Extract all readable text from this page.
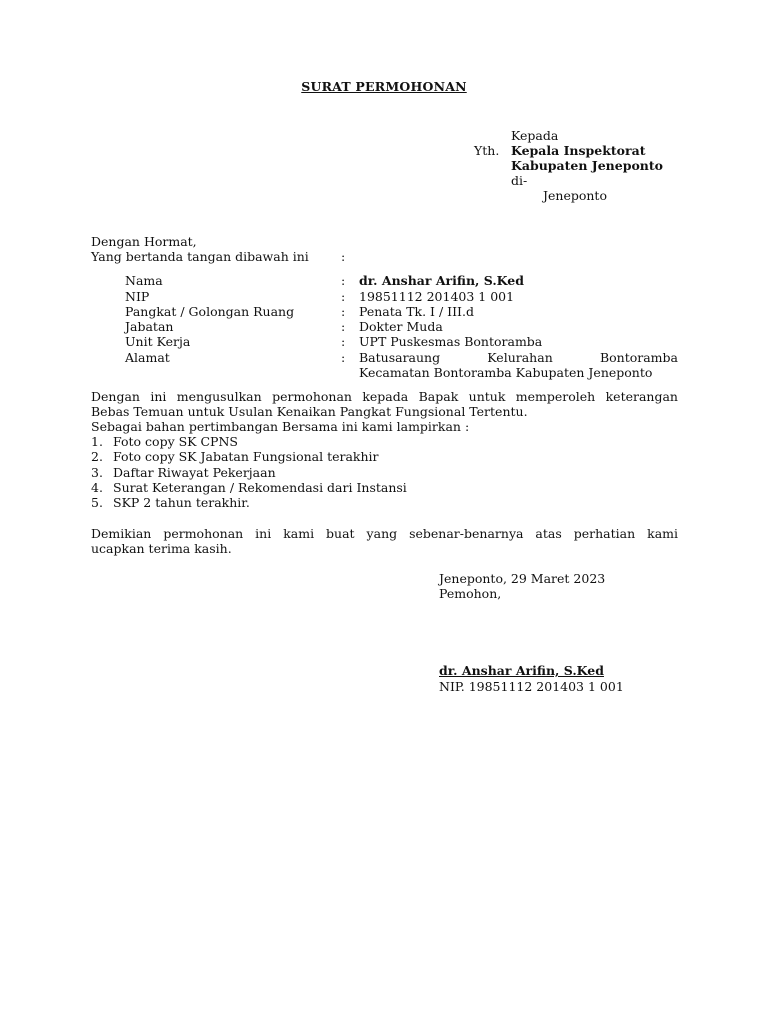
SURAT PERMOHONAN
Kepada
Yth. Kepala Inspektorat
Kabupaten Jeneponto
di-
Jeneponto
Dengan Hormat,
Yang bertanda tangan dibawah ini	:
Nama	: dr. Anshar Arifin, S.Ked
NIP	: 19851112 201403 1 001
Pangkat / Golongan Ruang	: Penata Tk. I / III.d
Jabatan	: Dokter Muda
Unit Kerja	: UPT Puskesmas Bontoramba
Alamat	: Batusaraung Kelurahan Bontoramba
Kecamatan Bontoramba Kabupaten Jeneponto
Dengan ini mengusulkan permohonan kepada Bapak untuk memperoleh keterangan
Bebas Temuan untuk Usulan Kenaikan Pangkat Fungsional Tertentu.
Sebagai bahan pertimbangan Bersama ini kami lampirkan :
1. Foto copy SK CPNS
2. Foto copy SK Jabatan Fungsional terakhir
3. Daftar Riwayat Pekerjaan
4. Surat Keterangan / Rekomendasi dari Instansi
5. SKP 2 tahun terakhir.
Demikian permohonan ini kami buat yang sebenar-benarnya atas perhatian kami
ucapkan terima kasih.
Jeneponto, 29 Maret 2023
Pemohon,
dr. Anshar Arifin, S.Ked
NIP. 19851112 201403 1 001
